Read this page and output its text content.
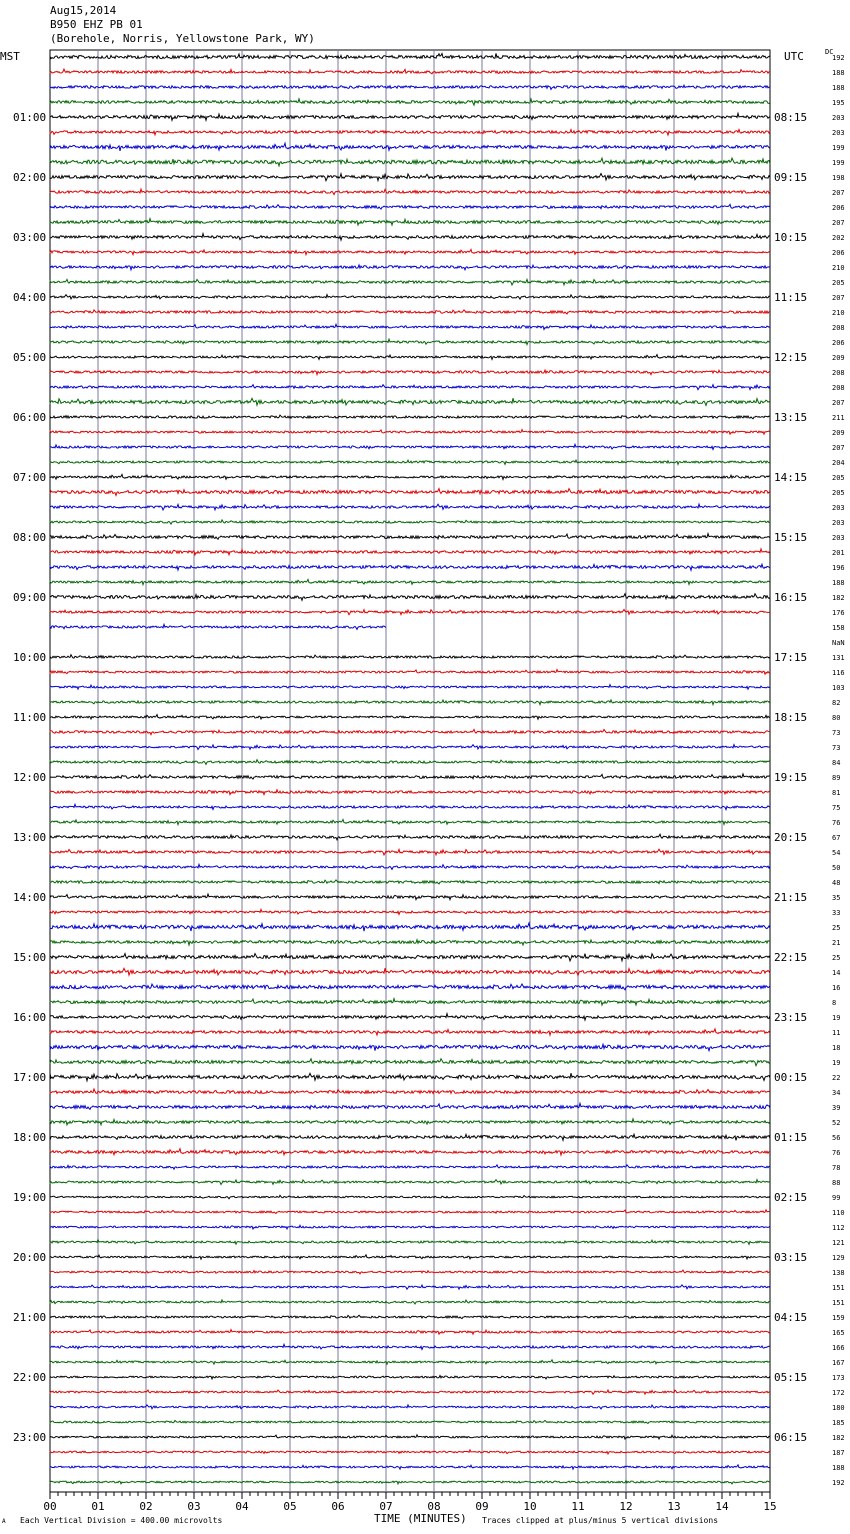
Aug15,2014
B950 EHZ PB 01
(Borehole, Norris, Yellowstone Park, WY)
MST	UTC	DC
192
188
188
195
203
203
199
199
198
207
206
207
202
206
210
205
207
210
208
206
209
208
208
207
211
209
207
204
205
205
203
203
203
201
196
188
182
176
158
NaN
131
116
103
82
80
73
73
84
89
81
75
76
67
54
50
48
35
33
25
21
25
14
16
8
19
11
18
19
22
34
39
52
56
76
78
88
99
110
112
121
129
138
151
151
159
165
166
167
173
172
180
185
182
187
188
192
01:00	08:15
02:00	09:15
03:00	10:15
04:00	11:15
05:00	12:15
06:00	13:15
07:00	14:15
08:00	15:15
09:00	16:15
10:00	17:15
11:00	18:15
12:00	19:15
13:00	20:15
14:00	21:15
15:00	22:15
16:00	23:15
17:00	00:15
18:00	01:15
19:00	02:15
20:00	03:15
21:00	04:15
22:00	05:15
23:00	06:15
00	01	02	03	04	05	06	07	08	09	10	11	12	13	14	15
TIME (MINUTES)
Each Vertical Division = 400.00 microvolts	Traces clipped at plus/minus 5 vertical divisions
A
